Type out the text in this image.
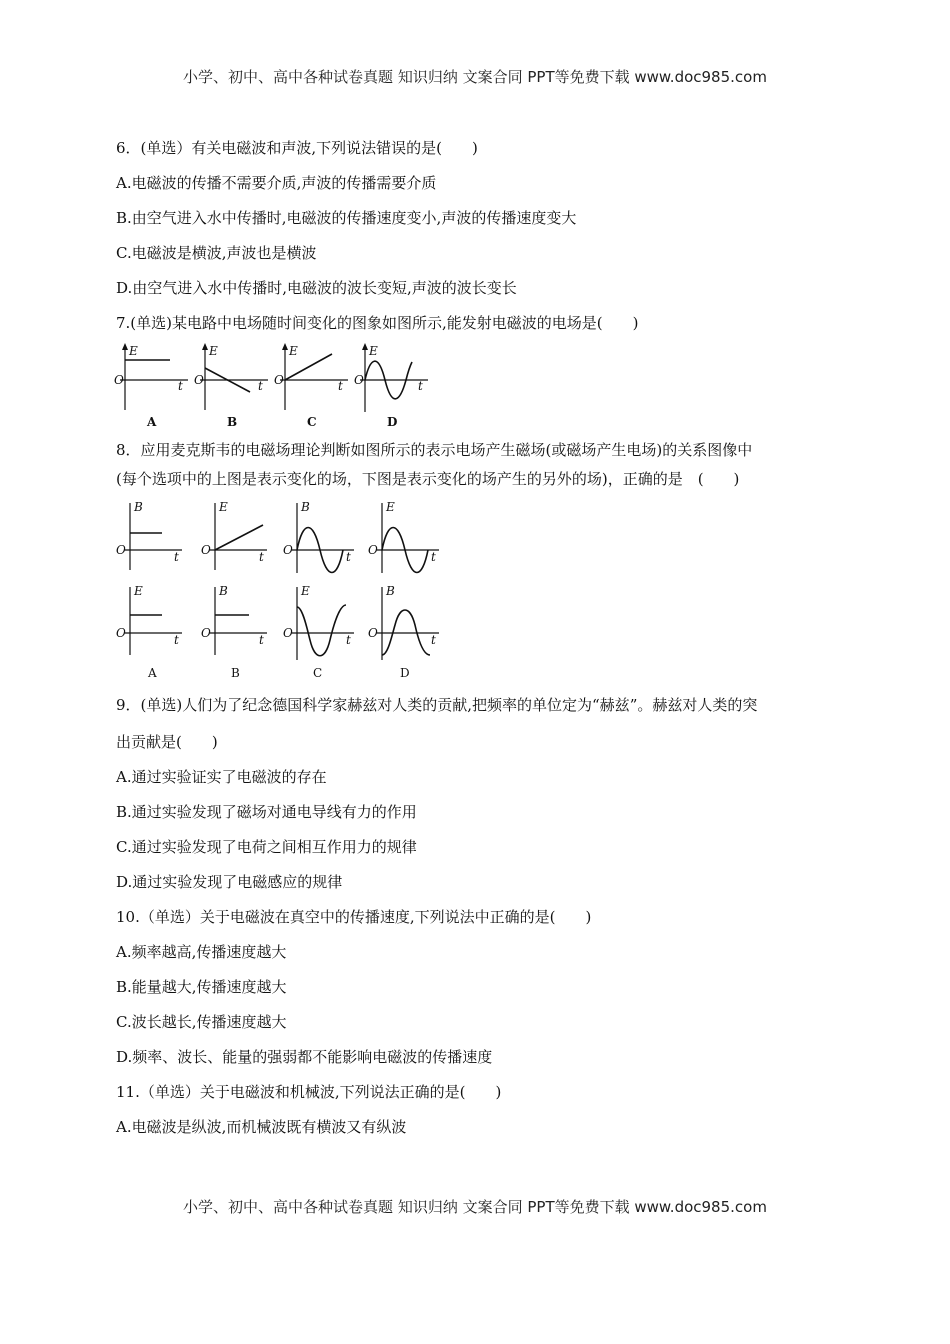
小学、初中、高中各种试卷真题 知识归纳 文案合同 PPT等免费下载 www.doc985.com
6．(单选）有关电磁波和声波,下列说法错误的是(　　)
A.电磁波的传播不需要介质,声波的传播需要介质
B.由空气进入水中传播时,电磁波的传播速度变小,声波的传播速度变大
C.电磁波是横波,声波也是横波
D.由空气进入水中传播时,电磁波的波长变短,声波的波长变长
7.(单选)某电路中电场随时间变化的图象如图所示,能发射电磁波的电场是(　　)
E
O	t
A
E
O	t
B
E
O	t
C
E
O	t
D
8．应用麦克斯韦的电磁场理论判断如图所示的表示电场产生磁场(或磁场产生电场)的关系图像中
(每个选项中的上图是表示变化的场，下图是表示变化的场产生的另外的场)，正确的是　(　　)
B
O	t
E
O	t
B
O	t
E
O	t
E
O	t
A
B
O	t
B
E
O	t
C
B
O	t
D
9．(单选)人们为了纪念德国科学家赫兹对人类的贡献,把频率的单位定为“赫兹”。赫兹对人类的突
出贡献是(　　)
A.通过实验证实了电磁波的存在
B.通过实验发现了磁场对通电导线有力的作用
C.通过实验发现了电荷之间相互作用力的规律
D.通过实验发现了电磁感应的规律
10.（单选）关于电磁波在真空中的传播速度,下列说法中正确的是(　　)
A.频率越高,传播速度越大
B.能量越大,传播速度越大
C.波长越长,传播速度越大
D.频率、波长、能量的强弱都不能影响电磁波的传播速度
11.（单选）关于电磁波和机械波,下列说法正确的是(　　)
A.电磁波是纵波,而机械波既有横波又有纵波
小学、初中、高中各种试卷真题 知识归纳 文案合同 PPT等免费下载 www.doc985.com
